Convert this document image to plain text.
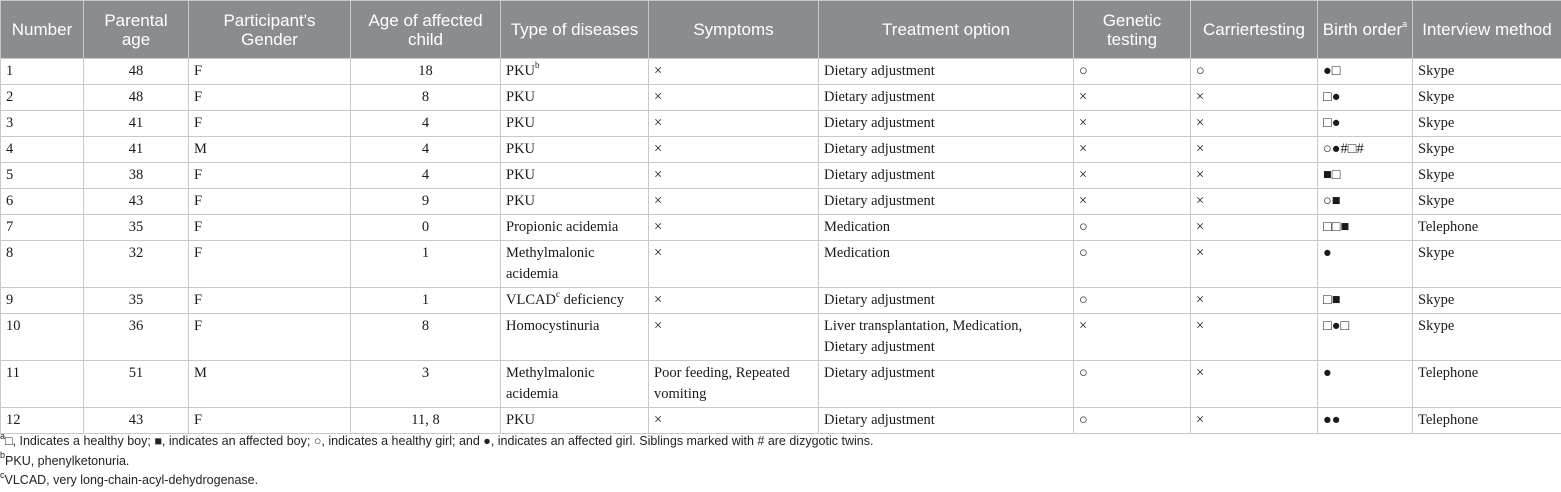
Number	Parental age	Participant's Gender	Age of affected child	Type of diseases	Symptoms	Treatment option	Genetic testing	Carriertesting	Birth order$^a$	Interview method
1	48	F	18	$PKU^b$	×	Dietary adjustment	○	○	●□	Skype
2	48	F	8	PKU	×	Dietary adjustment	×	×	□●	Skype
3	41	F	4	PKU	×	Dietary adjustment	×	×	□●	Skype
4	41	M	4	PKU	×	Dietary adjustment	×	×	○●#□#	Skype
5	38	F	4	PKU	×	Dietary adjustment	×	×	■□	Skype
6	43	F	9	PKU	×	Dietary adjustment	×	×	○■	Skype
7	35	F	0	Propionic acidemia	×	Medication	○	×	□□■	Telephone
8	32	F	1	Methylmalonic acidemia	×	Medication	○	×	●	Skype
9	35	F	1	VLCAD$^c$ deficiency	×	Dietary adjustment	○	×	□■	Skype
10	36	F	8	Homocystinuria	×	Liver transplantation, Medication, Dietary adjustment	×	×	□●□	Skype
11	51	M	3	Methylmalonic acidemia	Poor feeding, Repeated vomiting	Dietary adjustment	○	×	●	Telephone
12	43	F	11, 8	PKU	×	Dietary adjustment	○	×	●●	Telephone
$^a$□, Indicates a healthy boy; ■, indicates an affected boy; ○, indicates a healthy girl; and ●, indicates an affected girl. Siblings marked with # are dizygotic twins.
$^b$PKU, phenylketonuria.
$^c$VLCAD, very long-chain-acyl-dehydrogenase.
